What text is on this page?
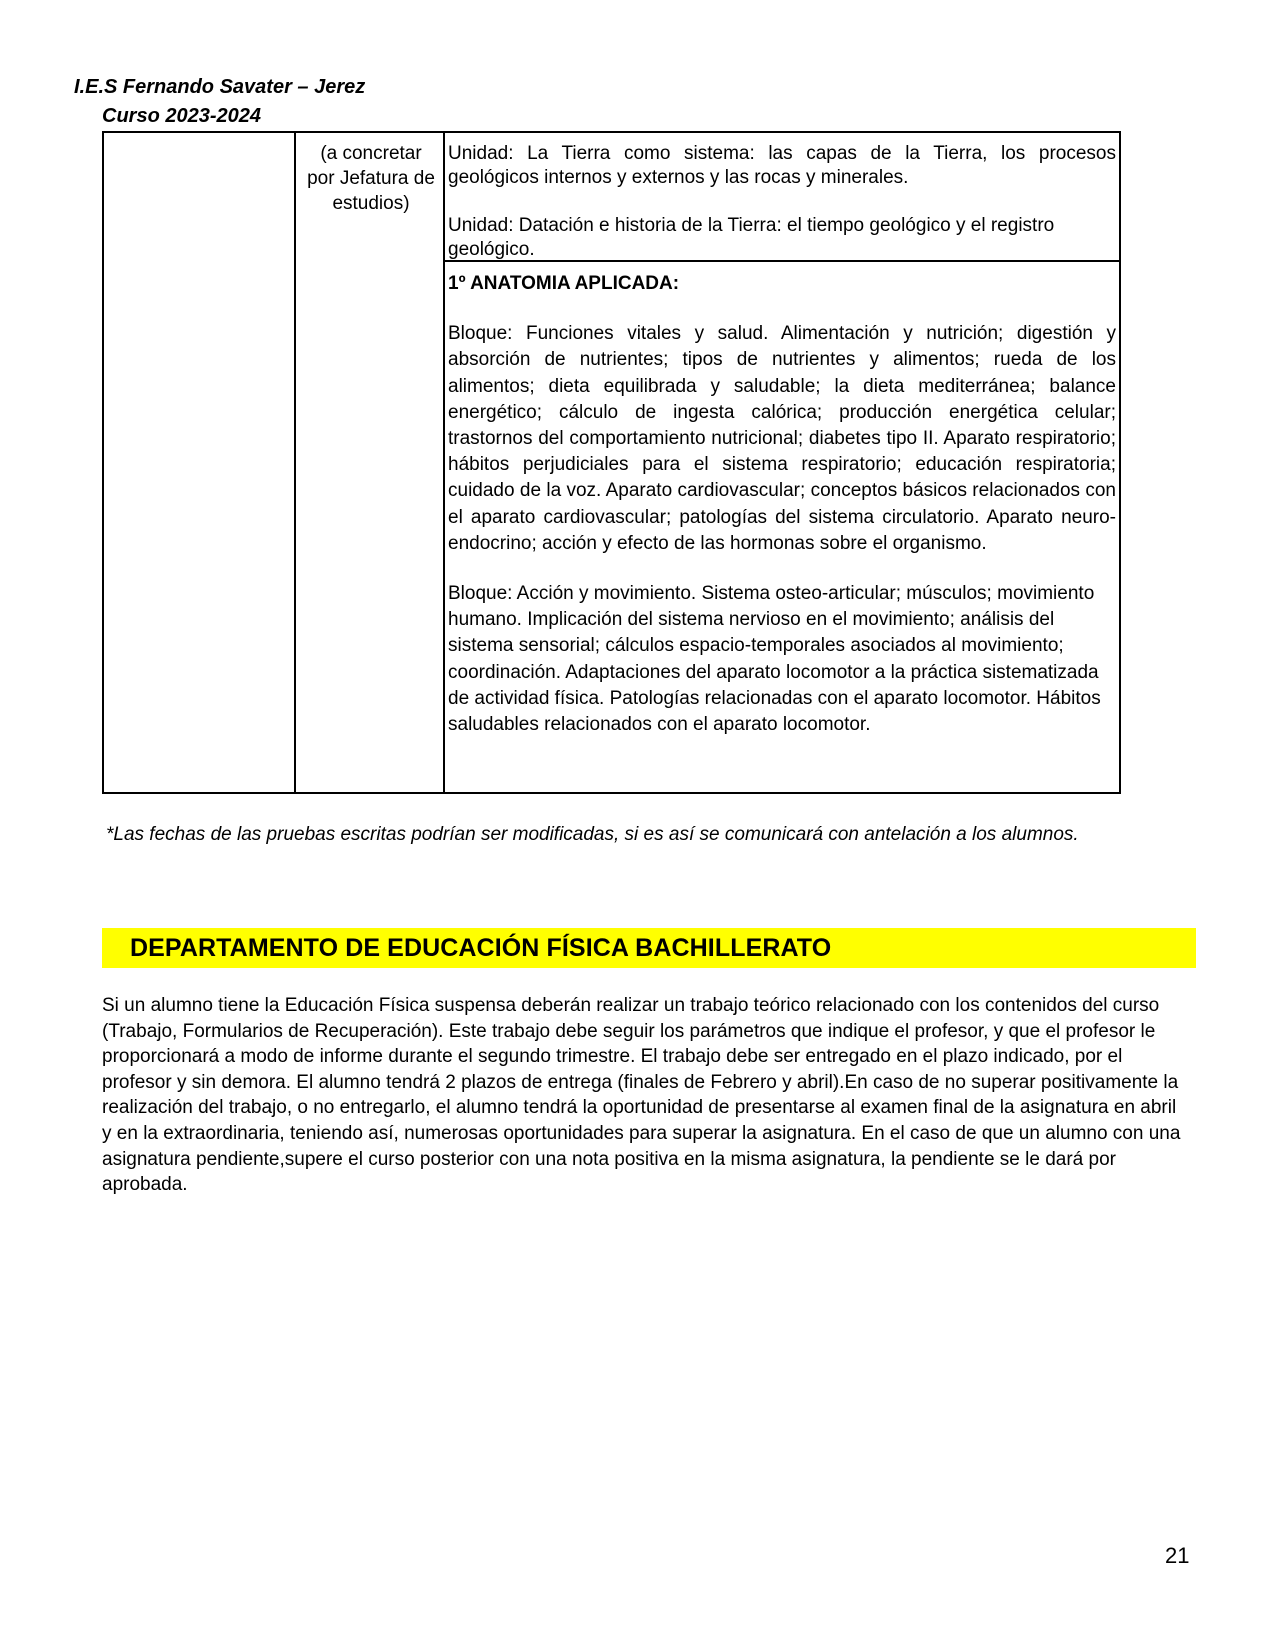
I.E.S Fernando Savater – Jerez
Curso 2023-2024
(a concretar por Jefatura de estudios)

Unidad: La Tierra como sistema: las capas de la Tierra, los procesos geológicos internos y externos y las rocas y minerales.

Unidad: Datación e historia de la Tierra: el tiempo geológico y el registro geológico.

1º ANATOMIA APLICADA:

Bloque: Funciones vitales y salud. Alimentación y nutrición; digestión y absorción de nutrientes; tipos de nutrientes y alimentos; rueda de los alimentos; dieta equilibrada y saludable; la dieta mediterránea; balance energético; cálculo de ingesta calórica; producción energética celular; trastornos del comportamiento nutricional; diabetes tipo II. Aparato respiratorio; hábitos perjudiciales para el sistema respiratorio; educación respiratoria; cuidado de la voz. Aparato cardiovascular; conceptos básicos relacionados con el aparato cardiovascular; patologías del sistema circulatorio. Aparato neuro-endocrino; acción y efecto de las hormonas sobre el organismo.

Bloque: Acción y movimiento. Sistema osteo-articular; músculos; movimiento humano. Implicación del sistema nervioso en el movimiento; análisis del sistema sensorial; cálculos espacio-temporales asociados al movimiento; coordinación. Adaptaciones del aparato locomotor a la práctica sistematizada de actividad física. Patologías relacionadas con el aparato locomotor. Hábitos saludables relacionados con el aparato locomotor.

*Las fechas de las pruebas escritas podrían ser modificadas, si es así se comunicará con antelación a los alumnos.
DEPARTAMENTO DE EDUCACIÓN FÍSICA BACHILLERATO
Si un alumno tiene la Educación Física suspensa deberán realizar un trabajo teórico relacionado con los contenidos del curso (Trabajo, Formularios de Recuperación). Este trabajo debe seguir los parámetros que indique el profesor, y que el profesor le proporcionará a modo de informe durante el segundo trimestre. El trabajo debe ser entregado en el plazo indicado, por el profesor y sin demora. El alumno tendrá 2 plazos de entrega (finales de Febrero y abril).En caso de no superar positivamente la realización del trabajo, o no entregarlo, el alumno tendrá la oportunidad de presentarse al examen final de la asignatura en abril y en la extraordinaria, teniendo así, numerosas oportunidades para superar la asignatura. En el caso de que un alumno con una asignatura pendiente,supere el curso posterior con una nota positiva en la misma asignatura, la pendiente se le dará por aprobada.
21
